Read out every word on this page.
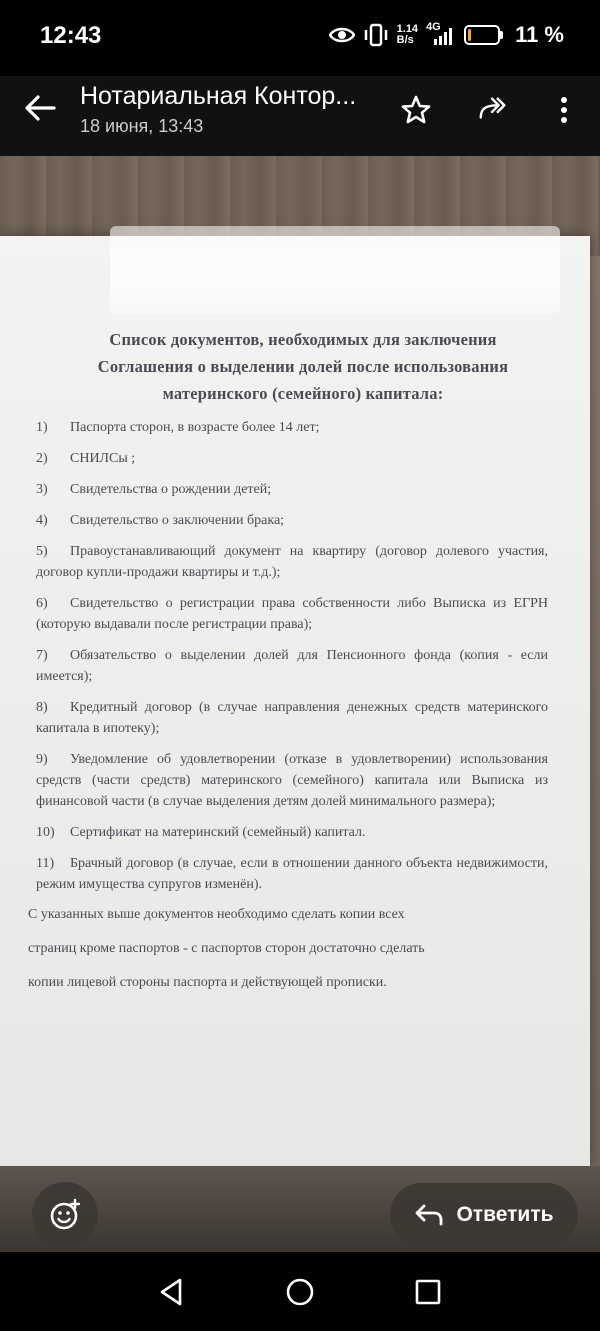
12:43	1.14
B/s
4G	11 %
Нотариальная Контор...
18 июня, 13:43
Список документов, необходимых для заключения
Соглашения о выделении долей после использования
материнского (семейного) капитала:
1) Паспорта сторон, в возрасте более 14 лет;
2) СНИЛСы ;
3) Свидетельства о рождении детей;
4) Свидетельство о заключении брака;
5) Правоустанавливающий документ на квартиру (договор долевого участия, договор купли-продажи квартиры и т.д.);
6) Свидетельство о регистрации права собственности либо Выписка из ЕГРН (которую выдавали после регистрации права);
7) Обязательство о выделении долей для Пенсионного фонда (копия - если имеется);
8) Кредитный договор (в случае направления денежных средств материнского капитала в ипотеку);
9) Уведомление об удовлетворении (отказе в удовлетворении) использования средств (части средств) материнского (семейного) капитала или Выписка из финансовой части (в случае выделения детям долей минимального размера);
10) Сертификат на материнский (семейный) капитал.
11) Брачный договор (в случае, если в отношении данного объекта недвижимости, режим имущества супругов изменён).
С указанных выше документов необходимо сделать копии всех
страниц кроме паспортов - с паспортов сторон достаточно сделать
копии лицевой стороны паспорта и действующей прописки.
Ответить
